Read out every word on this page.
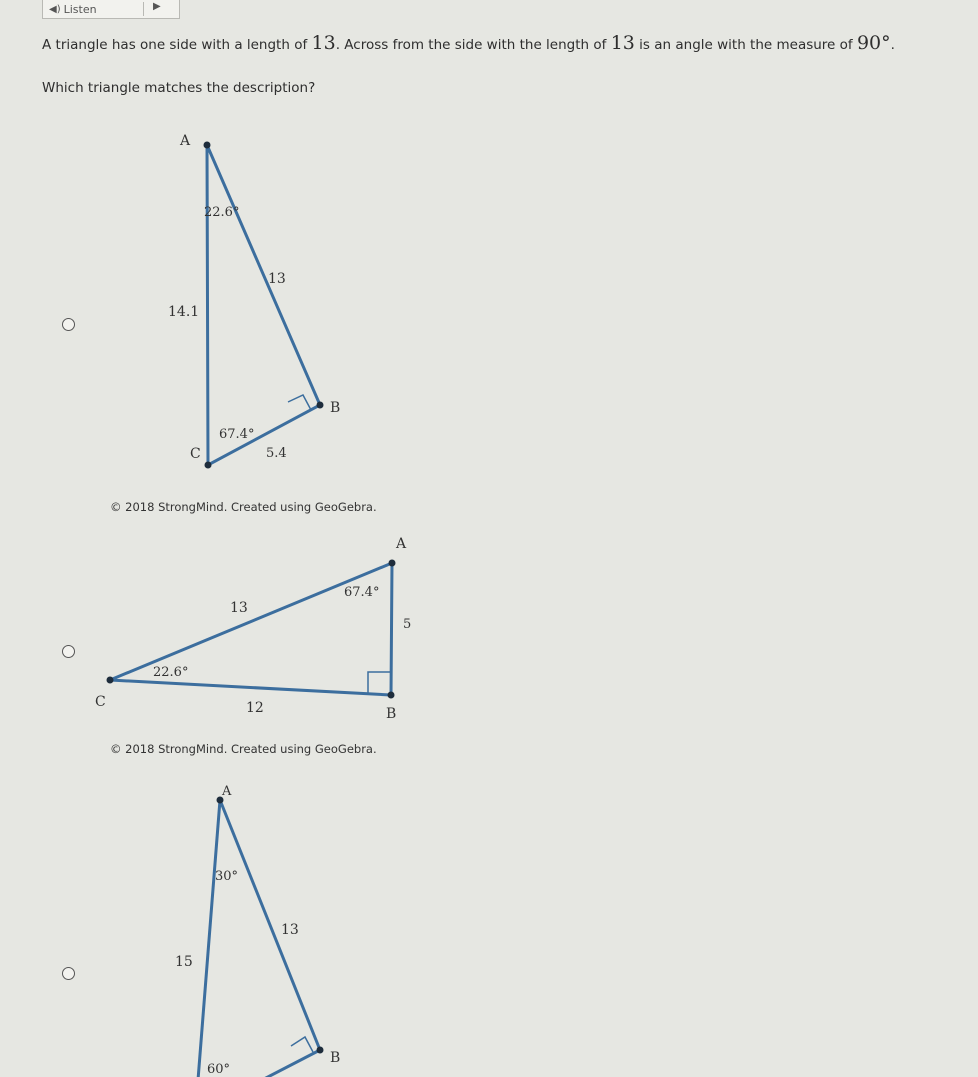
◀) Listen	▶
A triangle has one side with a length of 13. Across from the side with the length of 13 is an angle with the measure of 90°.
Which triangle matches the description?
© 2018 StrongMind. Created using GeoGebra.
© 2018 StrongMind. Created using GeoGebra.
A
B
C
22.6°
67.4°
13
14.1
5.4
A
B
C
67.4°
22.6°
13
5
12
A
B
30°
60°
13
15
